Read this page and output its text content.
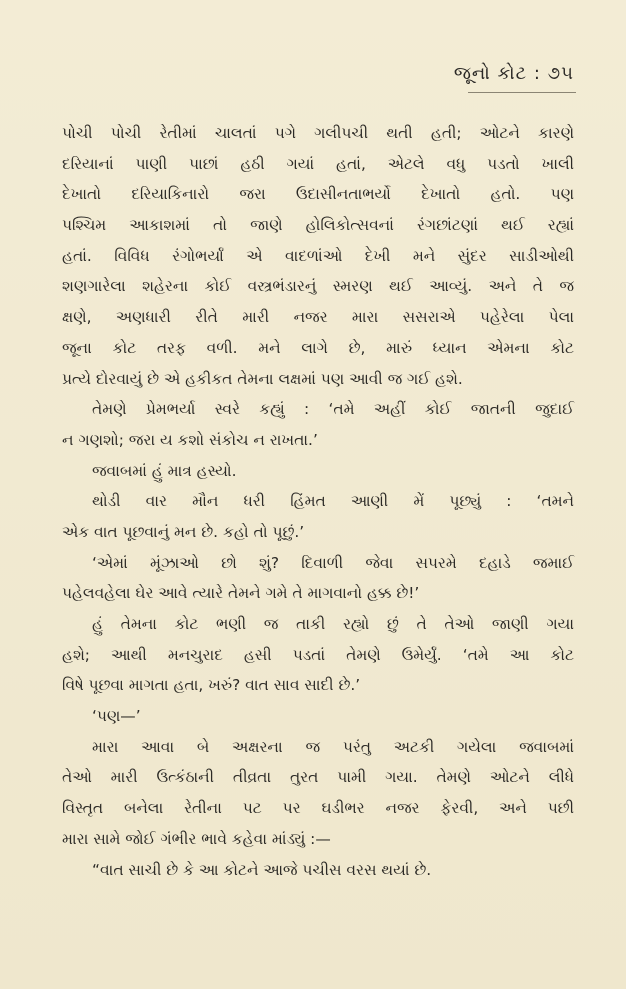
જૂનો કોટ : ૭૫
પોચી પોચી રેતીમાં ચાલતાં પગે ગલીપચી થતી હતી; ઓટને કારણે
દરિયાનાં પાણી પાછાં હઠી ગયાં હતાં, એટલે વધુ પડતો ખાલી
દેખાતો દરિયાકિનારો જરા ઉદાસીનતાભર્યો દેખાતો હતો. પણ
પશ્ચિમ આકાશમાં તો જાણે હોલિકોત્સવનાં રંગછાંટણાં થઈ રહ્યાં
હતાં. વિવિધ રંગોભર્યાં એ વાદળાંઓ દેખી મને સુંદર સાડીઓથી
શણગારેલા શહેરના કોઈ વસ્ત્રભંડારનું સ્મરણ થઈ આવ્યું. અને તે જ
ક્ષણે, અણધારી રીતે મારી નજર મારા સસરાએ પહેરેલા પેલા
જૂના કોટ તરફ વળી. મને લાગે છે, મારું ધ્યાન એમના કોટ
પ્રત્યે દોરવાયું છે એ હકીકત તેમના લક્ષમાં પણ આવી જ ગઈ હશે.
તેમણે પ્રેમભર્યા સ્વરે કહ્યું : ‘તમે અહીં કોઈ જાતની જુદાઈ
ન ગણશો; જરા ય કશો સંકોચ ન રાખતા.’
જવાબમાં હું માત્ર હસ્યો.
થોડી વાર મૌન ધરી હિંમત આણી મેં પૂછ્યું : ‘તમને
એક વાત પૂછવાનું મન છે. કહો તો પૂછું.’
‘એમાં મૂંઝાઓ છો શું? દિવાળી જેવા સપરમે દહાડે જમાઈ
પહેલવહેલા ઘેર આવે ત્યારે તેમને ગમે તે માગવાનો હક્ક છે!’
હું તેમના કોટ ભણી જ તાકી રહ્યો છું તે તેઓ જાણી ગયા
હશે; આથી મનચુરાદ હસી પડતાં તેમણે ઉમેર્યું. ‘તમે આ કોટ
વિષે પૂછવા માગતા હતા, ખરું? વાત સાવ સાદી છે.’
‘પણ—’
મારા આવા બે અક્ષરના જ પરંતુ અટકી ગયેલા જવાબમાં
તેઓ મારી ઉત્કંઠાની તીવ્રતા તુરત પામી ગયા. તેમણે ઓટને લીધે
વિસ્તૃત બનેલા રેતીના પટ પર ઘડીભર નજર ફેરવી, અને પછી
મારા સામે જોઈ ગંભીર ભાવે કહેવા માંડ્યું :—
“વાત સાચી છે કે આ કોટને આજે પચીસ વરસ થયાં છે.
